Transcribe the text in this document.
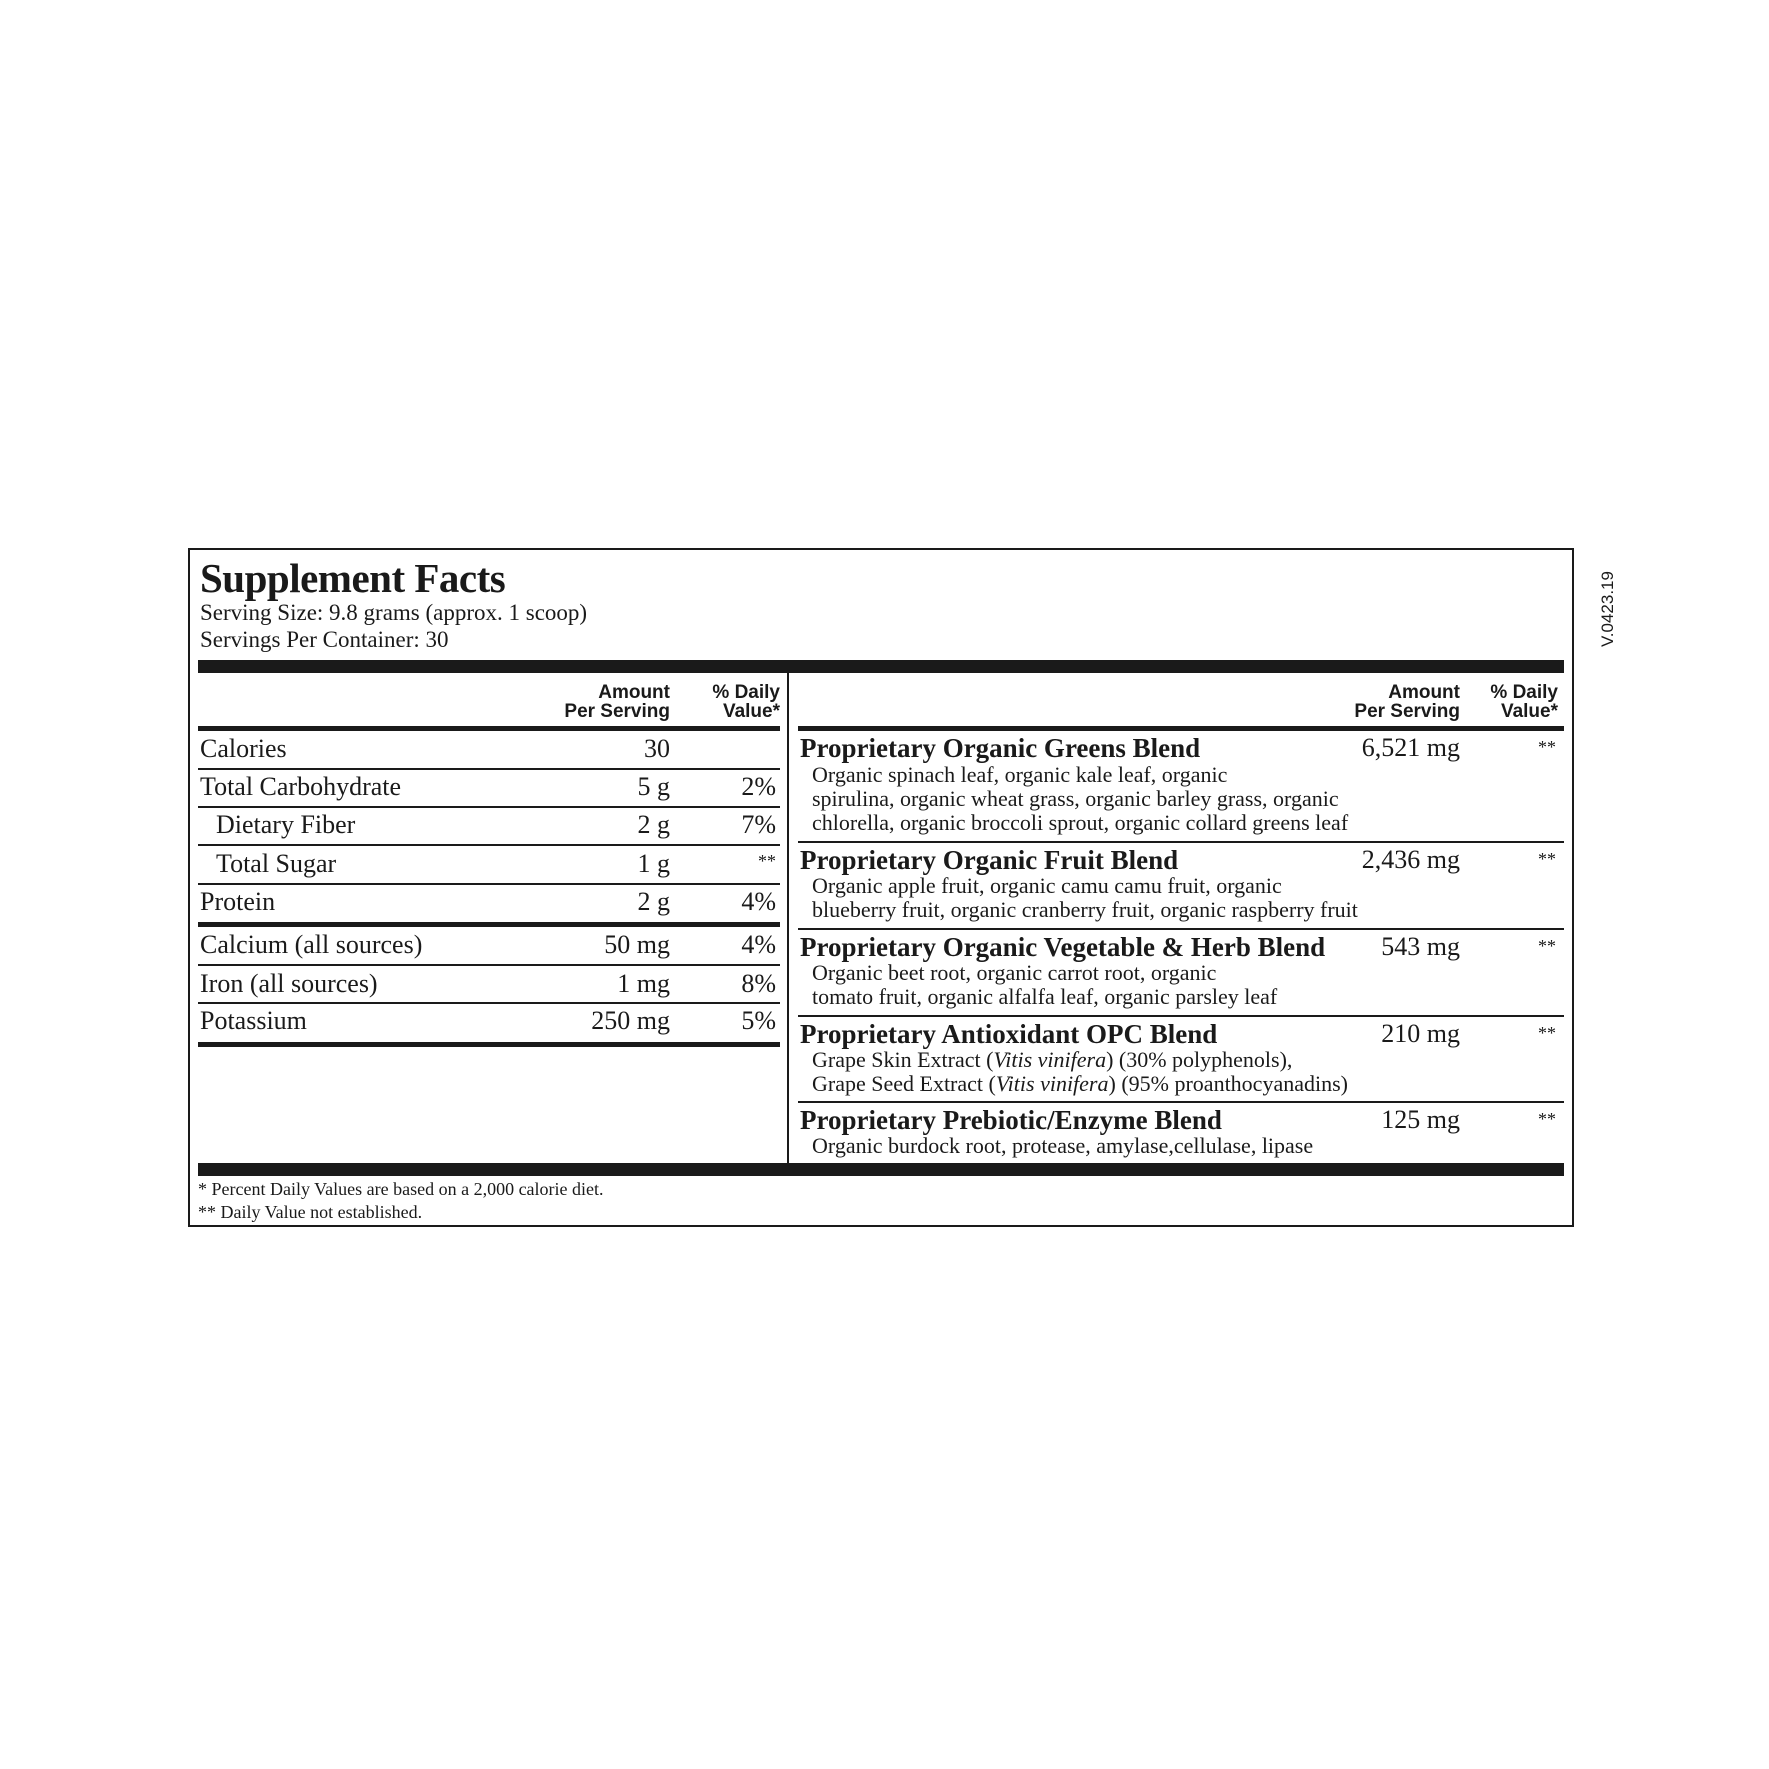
Supplement Facts
Serving Size: 9.8 grams (approx. 1 scoop)
Servings Per Container: 30
Amount
Per Serving
% Daily
Value*
Calories	30
Total Carbohydrate	5 g	2%
Dietary Fiber	2 g	7%
Total Sugar	1 g	**
Protein	2 g	4%
Calcium (all sources)	50 mg	4%
Iron (all sources)	1 mg	8%
Potassium	250 mg	5%
Amount
Per Serving
% Daily
Value*
Proprietary Organic Greens Blend	6,521 mg	**
Organic spinach leaf, organic kale leaf, organic
spirulina, organic wheat grass, organic barley grass, organic
chlorella, organic broccoli sprout, organic collard greens leaf
Proprietary Organic Fruit Blend	2,436 mg	**
Organic apple fruit, organic camu camu fruit, organic
blueberry fruit, organic cranberry fruit, organic raspberry fruit
Proprietary Organic Vegetable & Herb Blend	543 mg	**
Organic beet root, organic carrot root, organic
tomato fruit, organic alfalfa leaf, organic parsley leaf
Proprietary Antioxidant OPC Blend	210 mg	**
Grape Skin Extract (Vitis vinifera) (30% polyphenols),
Grape Seed Extract (Vitis vinifera) (95% proanthocyanadins)
Proprietary Prebiotic/Enzyme Blend	125 mg	**
Organic burdock root, protease, amylase,cellulase, lipase
* Percent Daily Values are based on a 2,000 calorie diet.
** Daily Value not established.
V.0423.19
